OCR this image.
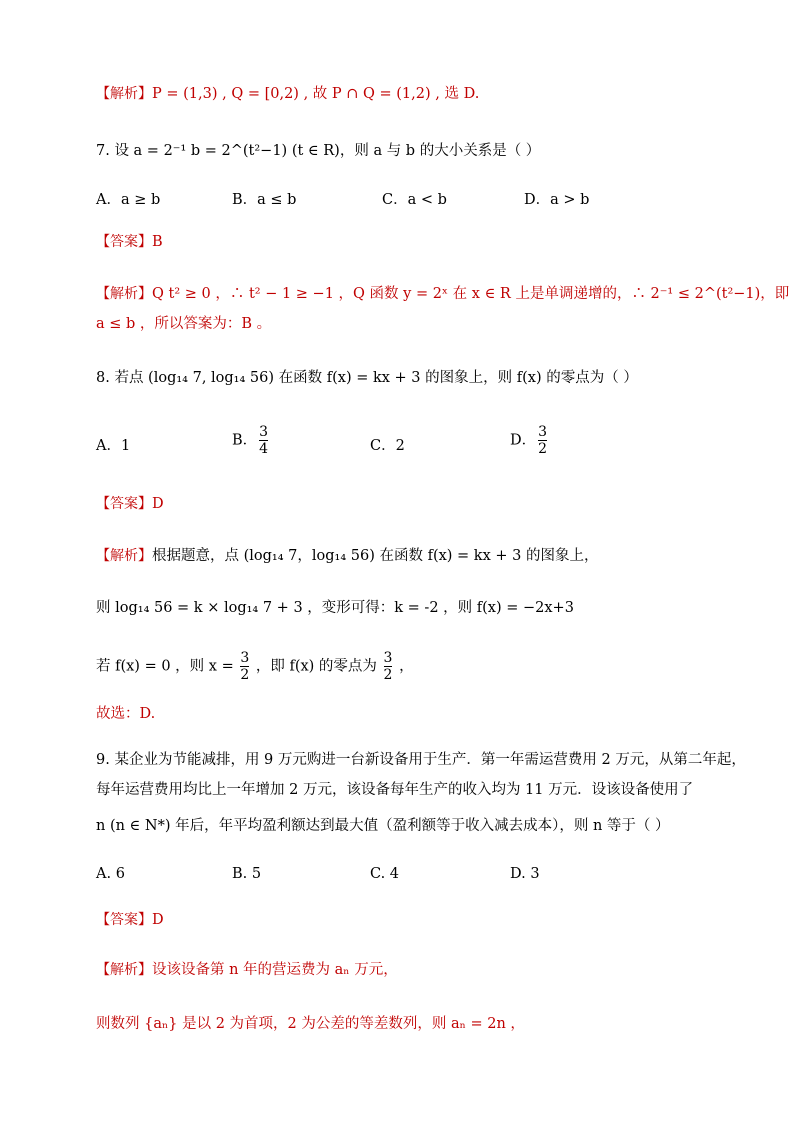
【解析】P = (1,3) , Q = [0,2) , 故 P ∩ Q = (1,2) , 选 D.
7. 设 a = 2⁻¹ b = 2^(t²−1) (t ∈ R)，则 a 与 b 的大小关系是（ ）
A．a ≥ b	B．a ≤ b	C．a < b	D．a > b
【答案】B
【解析】Q t² ≥ 0 ，∴ t² − 1 ≥ −1 ，Q 函数 y = 2ˣ 在 x ∈ R 上是单调递增的，∴ 2⁻¹ ≤ 2^(t²−1)，即
a ≤ b ，所以答案为：B 。
8. 若点 (log₁₄ 7, log₁₄ 56) 在函数 f(x) = kx + 3 的图象上，则 f(x) 的零点为（ ）
A．1	B． $\frac{3}{4}$	C．2	D． $\frac{3}{2}$
【答案】D
【解析】根据题意，点 (log₁₄ 7，log₁₄ 56) 在函数 f(x) = kx + 3 的图象上，
则 log₁₄ 56 = k × log₁₄ 7 + 3 ，变形可得：k = -2 ，则 f(x) = −2x+3
若 f(x) = 0 ，则 $x = \frac{3}{2}$ ，即 f(x) 的零点为 $\frac{3}{2}$ ，
故选：D.
9. 某企业为节能减排，用 9 万元购进一台新设备用于生产．第一年需运营费用 2 万元，从第二年起，
每年运营费用均比上一年增加 2 万元，该设备每年生产的收入均为 11 万元．设该设备使用了
n (n ∈ N*) 年后，年平均盈利额达到最大值（盈利额等于收入减去成本），则 n 等于（ ）
A. 6	B. 5	C. 4	D. 3
【答案】D
【解析】设该设备第 n 年的营运费为 aₙ 万元，
则数列 {aₙ} 是以 2 为首项，2 为公差的等差数列，则 aₙ = 2n ，
